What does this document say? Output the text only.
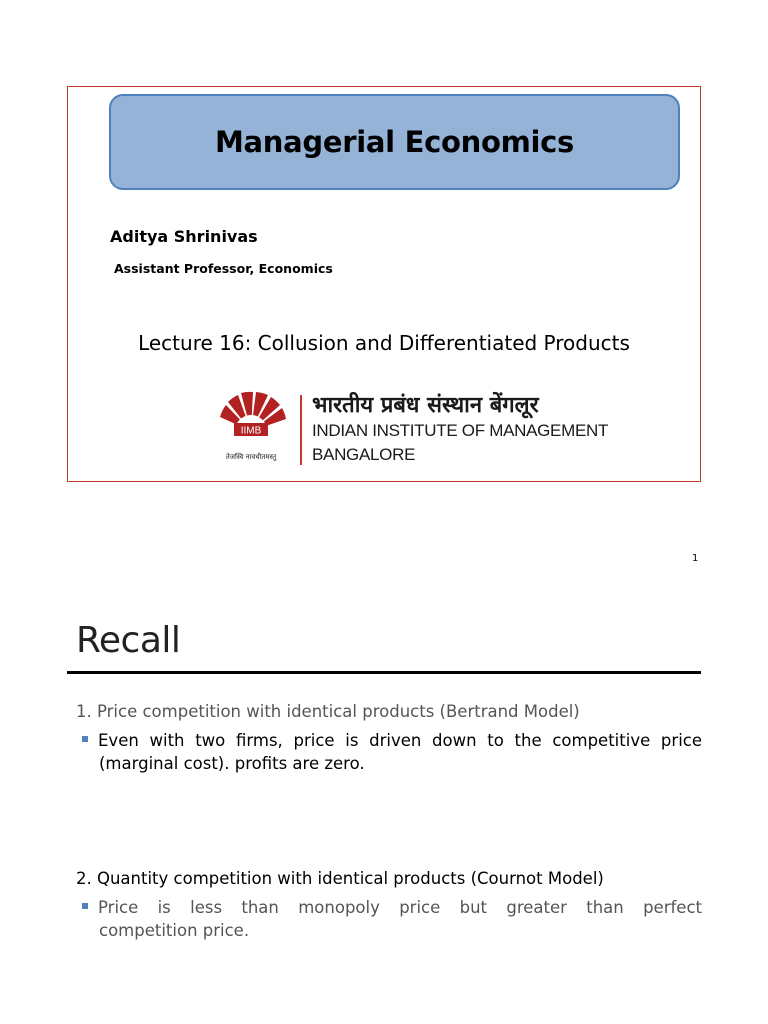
Managerial Economics
Aditya Shrinivas
Assistant Professor, Economics
Lecture 16: Collusion and Differentiated Products
IIMB
तेजस्वि नावधीतमस्तु
भारतीय प्रबंध संस्थान बेंगलूर
INDIAN INSTITUTE OF MANAGEMENT
BANGALORE
1
Recall
1. Price competition with identical products (Bertrand Model)
Even with two firms, price is driven down to the competitive price
(marginal cost). profits are zero.
2. Quantity competition with identical products (Cournot Model)
Price is less than monopoly price but greater than perfect
competition price.
